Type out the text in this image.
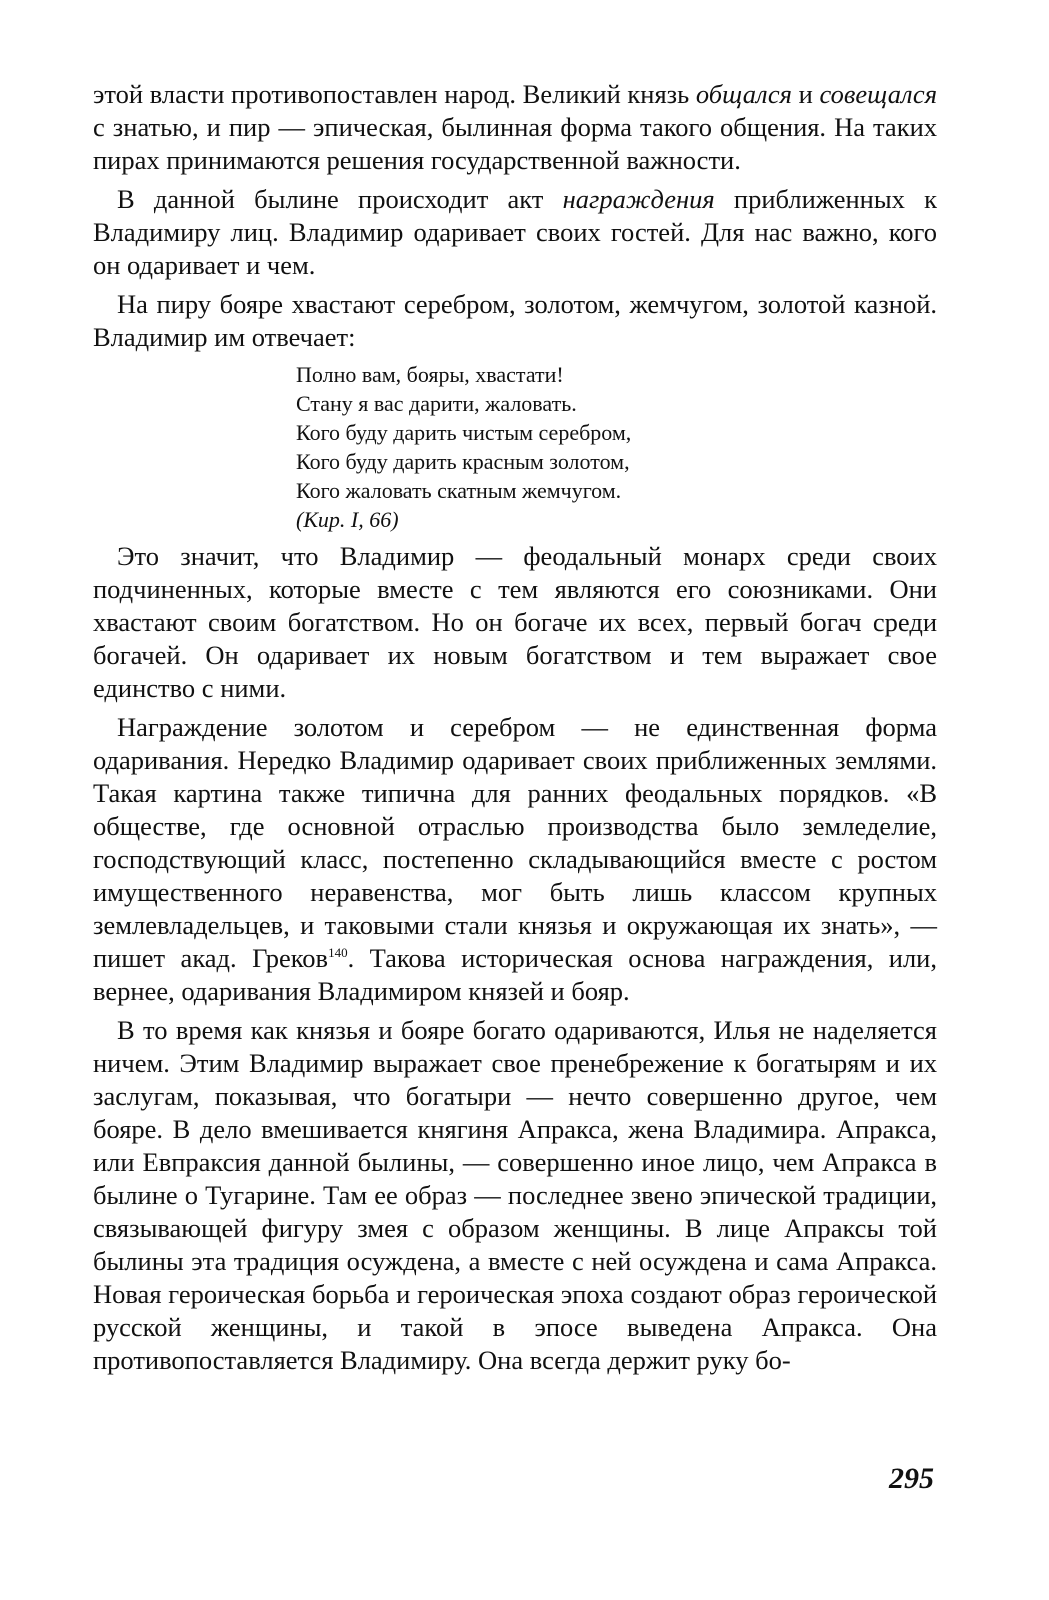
этой власти противопоставлен народ. Великий князь общался и совещался с знатью, и пир — эпическая, былинная форма такого общения. На таких пирах принимаются решения государственной важности.

В данной былине происходит акт награждения приближенных к Владимиру лиц. Владимир одаривает своих гостей. Для нас важно, кого он одаривает и чем.

На пиру бояре хвастают серебром, золотом, жемчугом, золотой казной. Владимир им отвечает:

Полно вам, бояры, хвастати!
Стану я вас дарити, жаловать.
Кого буду дарить чистым серебром,
Кого буду дарить красным золотом,
Кого жаловать скатным жемчугом.
(Кир. I, 66)

Это значит, что Владимир — феодальный монарх среди своих подчиненных, которые вместе с тем являются его союзниками. Они хвастают своим богатством. Но он богаче их всех, первый богач среди богачей. Он одаривает их новым богатством и тем выражает свое единство с ними.

Награждение золотом и серебром — не единственная форма одаривания. Нередко Владимир одаривает своих приближенных землями. Такая картина также типична для ранних феодальных порядков. «В обществе, где основной отраслью производства было земледелие, господствующий класс, постепенно складывающийся вместе с ростом имущественного неравенства, мог быть лишь классом крупных землевладельцев, и таковыми стали князья и окружающая их знать», — пишет акад. Греков$^{140}$. Такова историческая основа награждения, или, вернее, одаривания Владимиром князей и бояр.

В то время как князья и бояре богато одариваются, Илья не наделяется ничем. Этим Владимир выражает свое пренебрежение к богатырям и их заслугам, показывая, что богатыри — нечто совершенно другое, чем бояре. В дело вмешивается княгиня Апракса, жена Владимира. Апракса, или Евпраксия данной былины, — совершенно иное лицо, чем Апракса в былине о Тугарине. Там ее образ — последнее звено эпической традиции, связывающей фигуру змея с образом женщины. В лице Апраксы той былины эта традиция осуждена, а вместе с ней осуждена и сама Апракса. Новая героическая борьба и героическая эпоха создают образ героической русской женщины, и такой в эпосе выведена Апракса. Она противопоставляется Владимиру. Она всегда держит руку бо-

295
